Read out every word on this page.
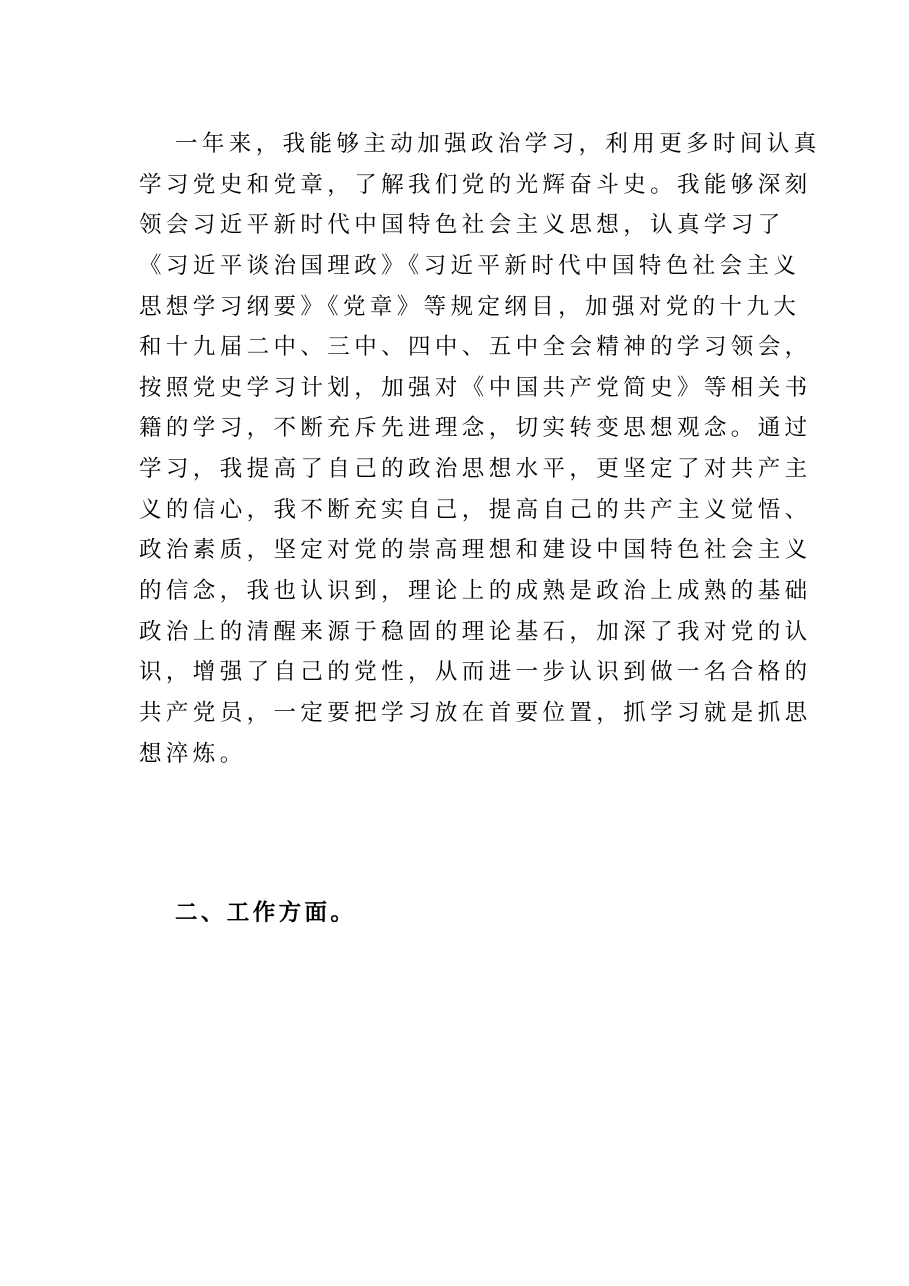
一年来，我能够主动加强政治学习，利用更多时间认真
学习党史和党章，了解我们党的光辉奋斗史。我能够深刻
领会习近平新时代中国特色社会主义思想，认真学习了
《习近平谈治国理政》《习近平新时代中国特色社会主义
思想学习纲要》《党章》等规定纲目，加强对党的十九大
和十九届二中、三中、四中、五中全会精神的学习领会，
按照党史学习计划，加强对《中国共产党简史》等相关书
籍的学习，不断充斥先进理念，切实转变思想观念。通过
学习，我提高了自己的政治思想水平，更坚定了对共产主
义的信心，我不断充实自己，提高自己的共产主义觉悟、
政治素质，坚定对党的崇高理想和建设中国特色社会主义
的信念，我也认识到，理论上的成熟是政治上成熟的基础
政治上的清醒来源于稳固的理论基石，加深了我对党的认
识，增强了自己的党性，从而进一步认识到做一名合格的
共产党员，一定要把学习放在首要位置，抓学习就是抓思
想淬炼。
二、工作方面。
